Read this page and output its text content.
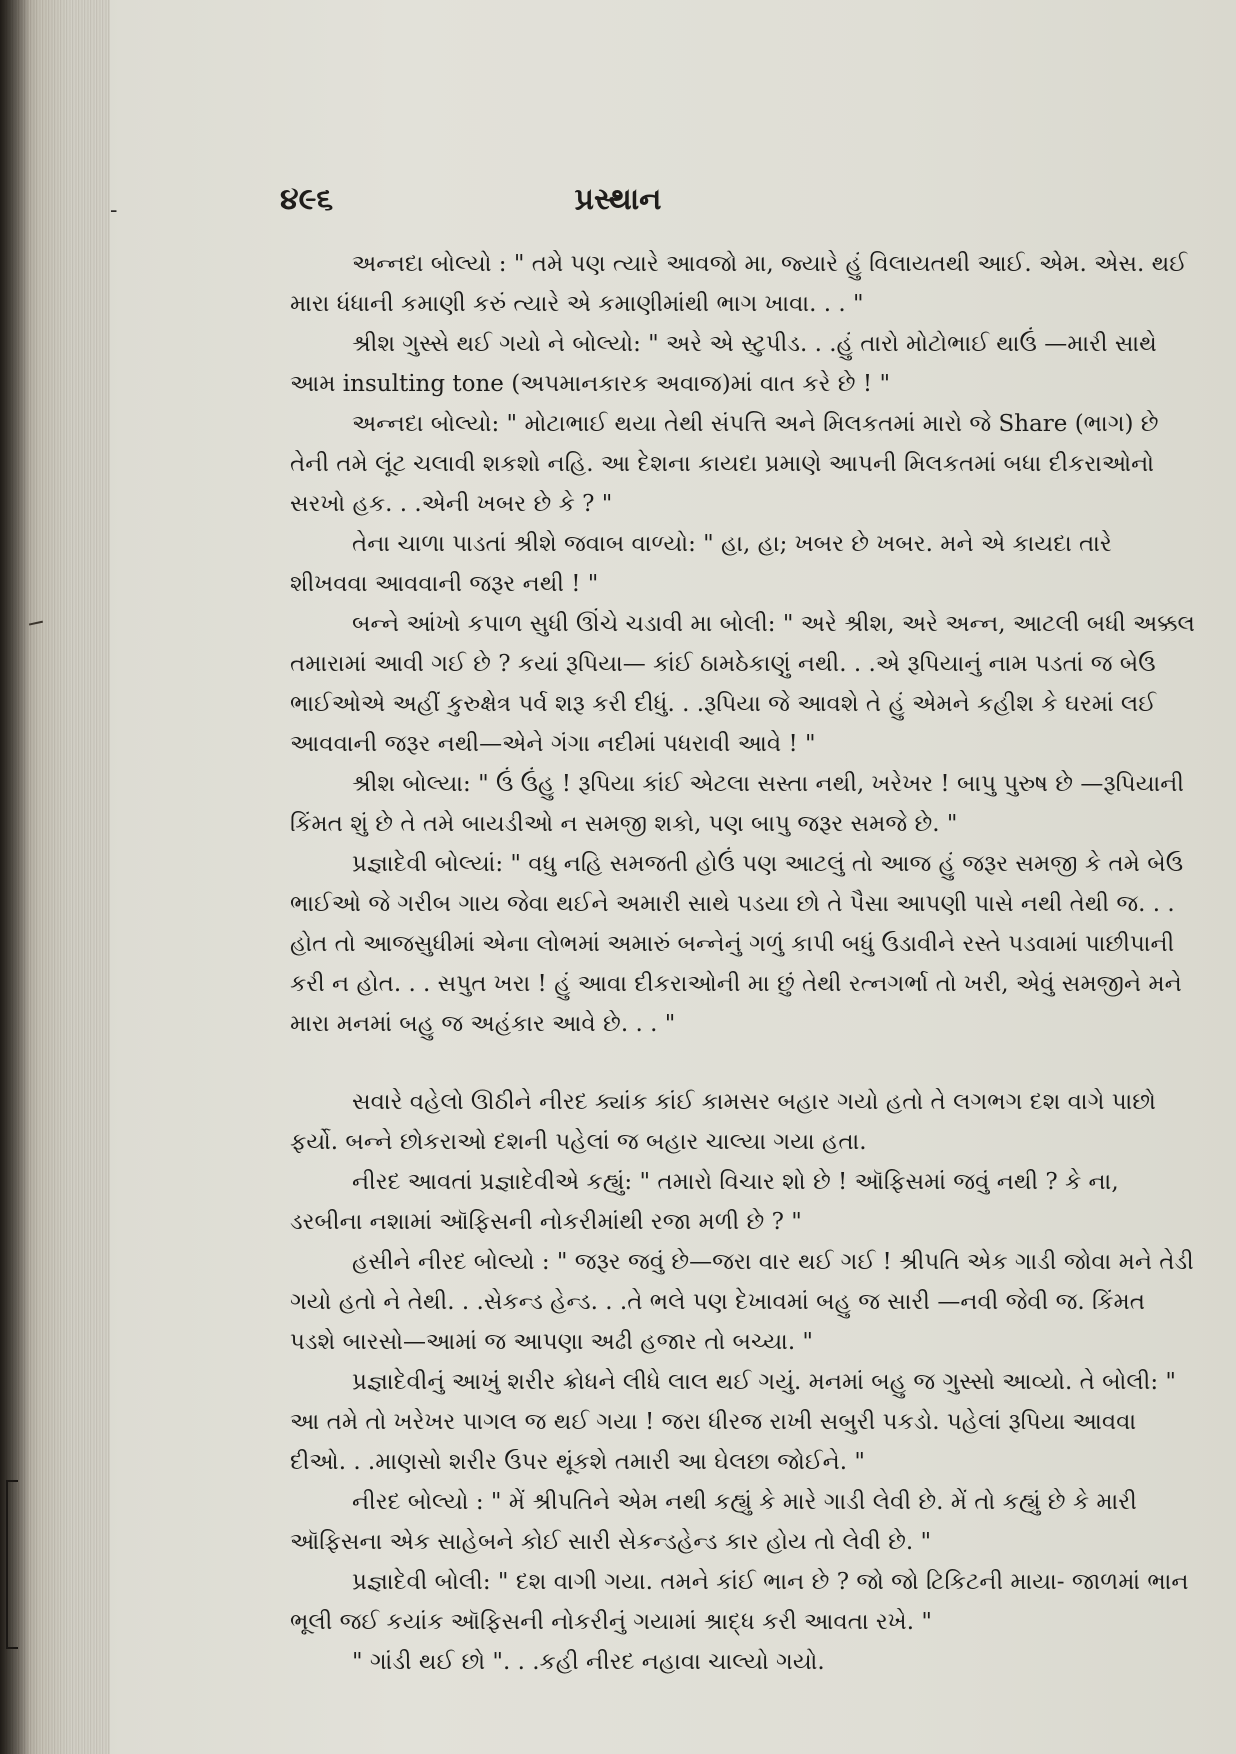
-	૪૯૬	પ્રસ્થાન

અન્નદા બોલ્યો : " તમે પણ ત્યારે આવજો મા, જ્યારે હું વિલાયતથી આઈ. એમ. એસ. થઈ મારા ધંધાની કમાણી કરું ત્યારે એ કમાણીમાંથી ભાગ ખાવા. . . "

શ્રીશ ગુસ્સે થઈ ગયો ને બોલ્યો: " અરે એ સ્ટુપીડ. . .હું તારો મોટોભાઈ થાઉં —મારી સાથે આમ insulting tone (અપમાનકારક અવાજ)માં વાત કરે છે ! "

અન્નદા બોલ્યો: " મોટાભાઈ થયા તેથી સંપત્તિ અને મિલકતમાં મારો જે Share (ભાગ) છે તેની તમે લૂંટ ચલાવી શકશો નહિ. આ દેશના કાયદા પ્રમાણે આપની મિલકતમાં બધા દીકરાઓનો સરખો હક. . .એની ખબર છે કે ? "

તેના ચાળા પાડતાં શ્રીશે જવાબ વાળ્યો: " હા, હા; ખબર છે ખબર. મને એ કાયદા તારે શીખવવા આવવાની જરૂર નથી ! "

બન્ને આંખો કપાળ સુધી ઊંચે ચડાવી મા બોલી: " અરે શ્રીશ, અરે અન્ન, આટલી બધી અક્કલ તમારામાં આવી ગઈ છે ? કયાં રૂપિયા— કાંઈ ઠામઠેકાણું નથી. . .એ રૂપિયાનું નામ પડતાં જ બેઉ ભાઈઓએ અહીં કુરુક્ષેત્ર પર્વ શરૂ કરી દીધું. . .રૂપિયા જે આવશે તે હું એમને કહીશ કે ઘરમાં લઈ આવવાની જરૂર નથી—એને ગંગા નદીમાં પધરાવી આવે ! "

શ્રીશ બોલ્યા: " ઉં ઉંહુ ! રૂપિયા કાંઈ એટલા સસ્તા નથી, ખરેખર ! બાપુ પુરુષ છે —રૂપિયાની કિંમત શું છે તે તમે બાયડીઓ ન સમજી શકો, પણ બાપુ જરૂર સમજે છે. "

પ્રજ્ઞાદેવી બોલ્યાં: " વધુ નહિ સમજતી હોઉં પણ આટલું તો આજ હું જરૂર સમજી કે તમે બેઉ ભાઈઓ જે ગરીબ ગાય જેવા થઈને અમારી સાથે પડયા છો તે પૈસા આપણી પાસે નથી તેથી જ. . . હોત તો આજસુધીમાં એના લોભમાં અમારું બન્નેનું ગળું કાપી બધું ઉડાવીને રસ્તે પડવામાં પાછીપાની કરી ન હોત. . . સપુત ખરા ! હું આવા દીકરાઓની મા છું તેથી રત્નગર્ભા તો ખરી, એવું સમજીને મને મારા મનમાં બહુ જ અહંકાર આવે છે. . . "

સવારે વહેલો ઊઠીને નીરદ ક્યાંક કાંઈ કામસર બહાર ગયો હતો તે લગભગ દશ વાગે પાછો ફર્યો. બન્ને છોકરાઓ દશની પહેલાં જ બહાર ચાલ્યા ગયા હતા.

નીરદ આવતાં પ્રજ્ઞાદેવીએ કહ્યું: " તમારો વિચાર શો છે ! ઑફિસમાં જવું નથી ? કે ના, ડરબીના નશામાં ઑફિસની નોકરીમાંથી રજા મળી છે ? "

હસીને નીરદ બોલ્યો : " જરૂર જવું છે—જરા વાર થઈ ગઈ ! શ્રીપતિ એક ગાડી જોવા મને તેડી ગયો હતો ને તેથી. . .સેકન્ડ હેન્ડ. . .તે ભલે પણ દેખાવમાં બહુ જ સારી —નવી જેવી જ. કિંમત પડશે બારસો—આમાં જ આપણા અઢી હજાર તો બચ્યા. "

પ્રજ્ઞાદેવીનું આખું શરીર ક્રોધને લીધે લાલ થઈ ગયું. મનમાં બહુ જ ગુસ્સો આવ્યો. તે બોલી: " આ તમે તો ખરેખર પાગલ જ થઈ ગયા ! જરા ધીરજ રાખી સબુરી પકડો. પહેલાં રૂપિયા આવવા દીઓ. . .માણસો શરીર ઉપર થૂંકશે તમારી આ ઘેલછા જોઈને. "

નીરદ બોલ્યો : " મેં શ્રીપતિને એમ નથી કહ્યું કે મારે ગાડી લેવી છે. મેં તો કહ્યું છે કે મારી ઑફિસના એક સાહેબને કોઈ સારી સેકન્ડહેન્ડ કાર હોય તો લેવી છે. "

પ્રજ્ઞાદેવી બોલી: " દશ વાગી ગયા. તમને કાંઈ ભાન છે ? જો જો ટિકિટની માયા- જાળમાં ભાન ભૂલી જઈ કયાંક ઑફિસની નોકરીનું ગયામાં શ્રાદ્ધ કરી આવતા રખે. "

" ગાંડી થઈ છો ". . .કહી નીરદ નહાવા ચાલ્યો ગયો.
